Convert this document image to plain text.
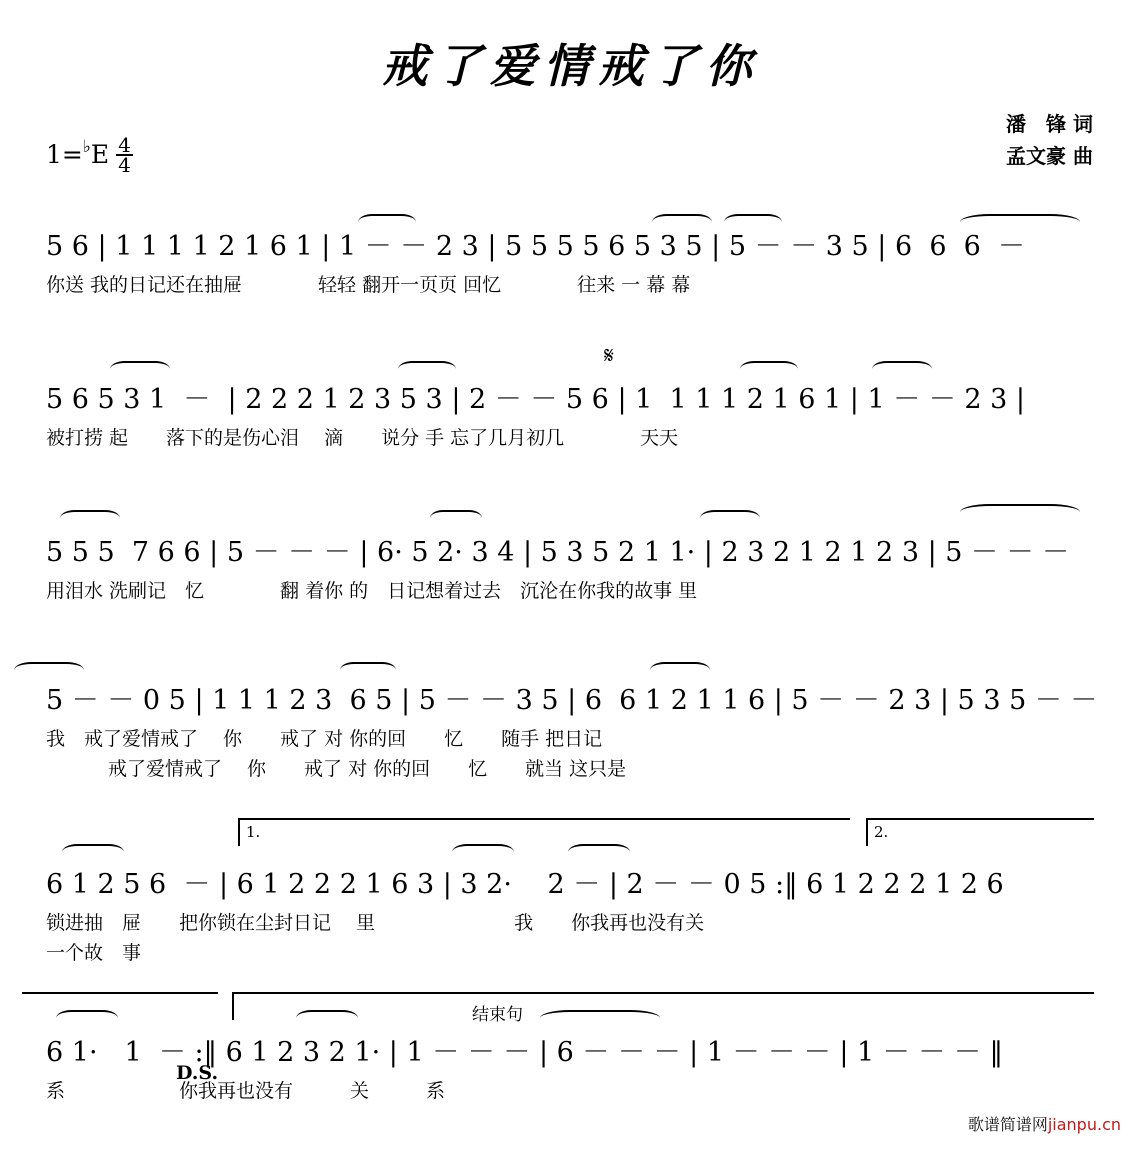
戒了爱情戒了你
潘　锋 词
孟文豪 曲
1= ♭ E $\frac{4}{4}$
5 6 | 1 1 1 1 2 1 6 1 | 1 － － 2 3 | 5 5 5 5 6 5 3 5 | 5 － － 3 5 | 6  6  6  －
你送 我的日记还在抽屉　　　　轻轻 翻开一页页 回忆　　　　往来 一 幕 幕
𝄋
5 6 5 3 1  －  | 2 2 2 1 2 3 5 3 | 2 － － 5 6 | 1  1 1 1 2 1 6 1 | 1 － － 2 3 |
被打捞 起　　落下的是伤心泪　 滴　　说分 手 忘了几月初几　　　　天天
5 5 5  7 6 6 | 5 － － － | 6· 5 2· 3 4 | 5 3 5 2 1 1· | 2 3 2 1 2 1 2 3 | 5 － － －
用泪水 洗刷记　忆　　　　翻 着你 的　日记想着过去　沉沦在你我的故事 里
5 － － 0 5 | 1 1 1 2 3  6 5 | 5 － － 3 5 | 6  6 1 2 1 1 6 | 5 － － 2 3 | 5 3 5 － －
我　戒了爱情戒了　 你　　戒了 对 你的回　　忆　　随手 把日记
戒了爱情戒了　 你　　戒了 对 你的回　　忆　　就当 这只是
1.	2.
6 1 2 5 6  － | 6 1 2 2 2 1 6 3 | 3 2· 　2 － | 2 － － 0 5 :‖ 6 1 2 2 2 1 2 6
锁进抽　屉　　把你锁在尘封日记　 里　　　　　　　 我　　你我再也没有关
一个故　事
结束句
6 1·　1  － :‖ 6 1 2 3 2 1· | 1 － － － | 6 － － － | 1 － － － | 1 － － － ‖
D.S.
系　　　　　　你我再也没有　　　关　　　系
歌谱简谱网jianpu.cn
